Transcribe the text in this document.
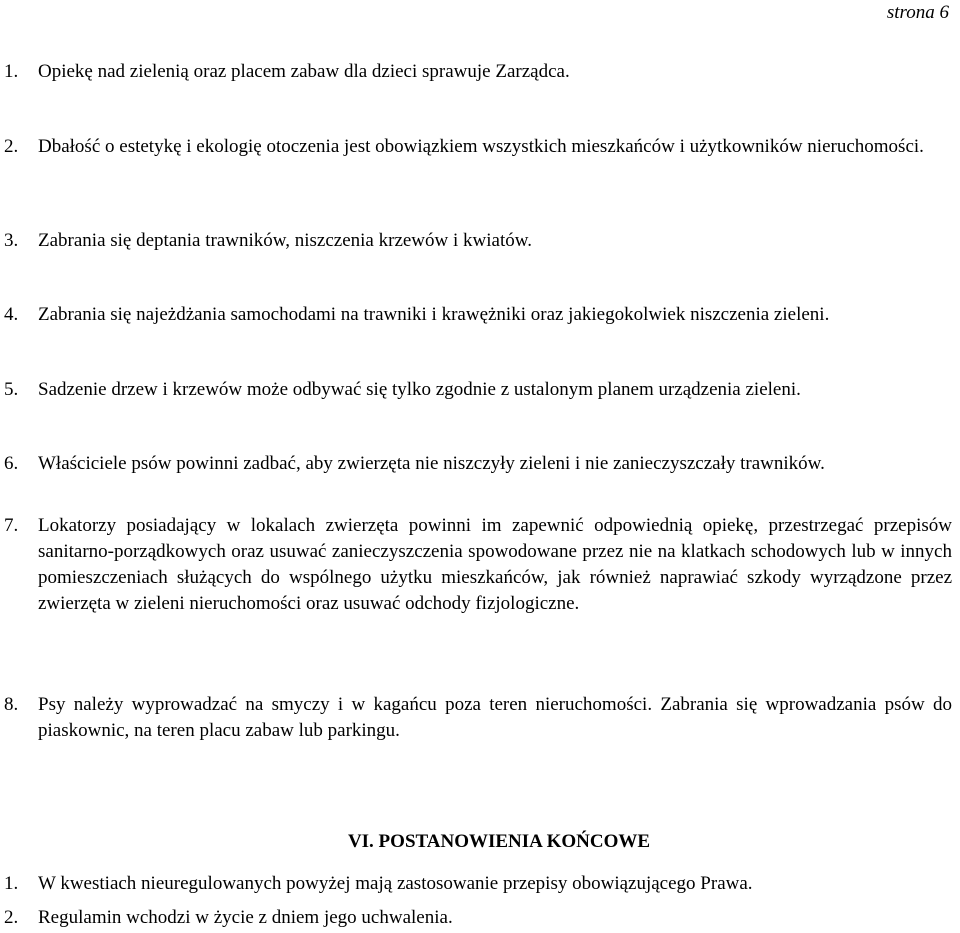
strona 6
1.	Opiekę nad zielenią oraz placem zabaw dla dzieci sprawuje Zarządca.
2.	Dbałość o estetykę i ekologię otoczenia jest obowiązkiem wszystkich mieszkańców i użytkowników nieruchomości.
3.	Zabrania się deptania trawników, niszczenia krzewów i kwiatów.
4.	Zabrania się najeżdżania samochodami na trawniki i krawężniki oraz jakiegokolwiek niszczenia zieleni.
5.	Sadzenie drzew i krzewów może odbywać się tylko zgodnie z ustalonym planem urządzenia zieleni.
6.	Właściciele psów powinni zadbać, aby zwierzęta nie niszczyły zieleni i nie zanieczyszczały trawników.
7.	Lokatorzy posiadający w lokalach zwierzęta powinni im zapewnić odpowiednią opiekę, przestrzegać przepisów sanitarno-porządkowych oraz usuwać zanieczyszczenia spowodowane przez nie na klatkach schodowych lub w innych pomieszczeniach służących do wspólnego użytku mieszkańców, jak również naprawiać szkody wyrządzone przez zwierzęta w zieleni nieruchomości oraz usuwać odchody fizjologiczne.
8.	Psy należy wyprowadzać na smyczy i w kagańcu poza teren nieruchomości. Zabrania się wprowadzania psów do piaskownic, na teren placu zabaw lub parkingu.
VI. POSTANOWIENIA KOŃCOWE
1.	W kwestiach nieuregulowanych powyżej mają zastosowanie przepisy obowiązującego Prawa.
2.	Regulamin wchodzi w życie z dniem jego uchwalenia.
